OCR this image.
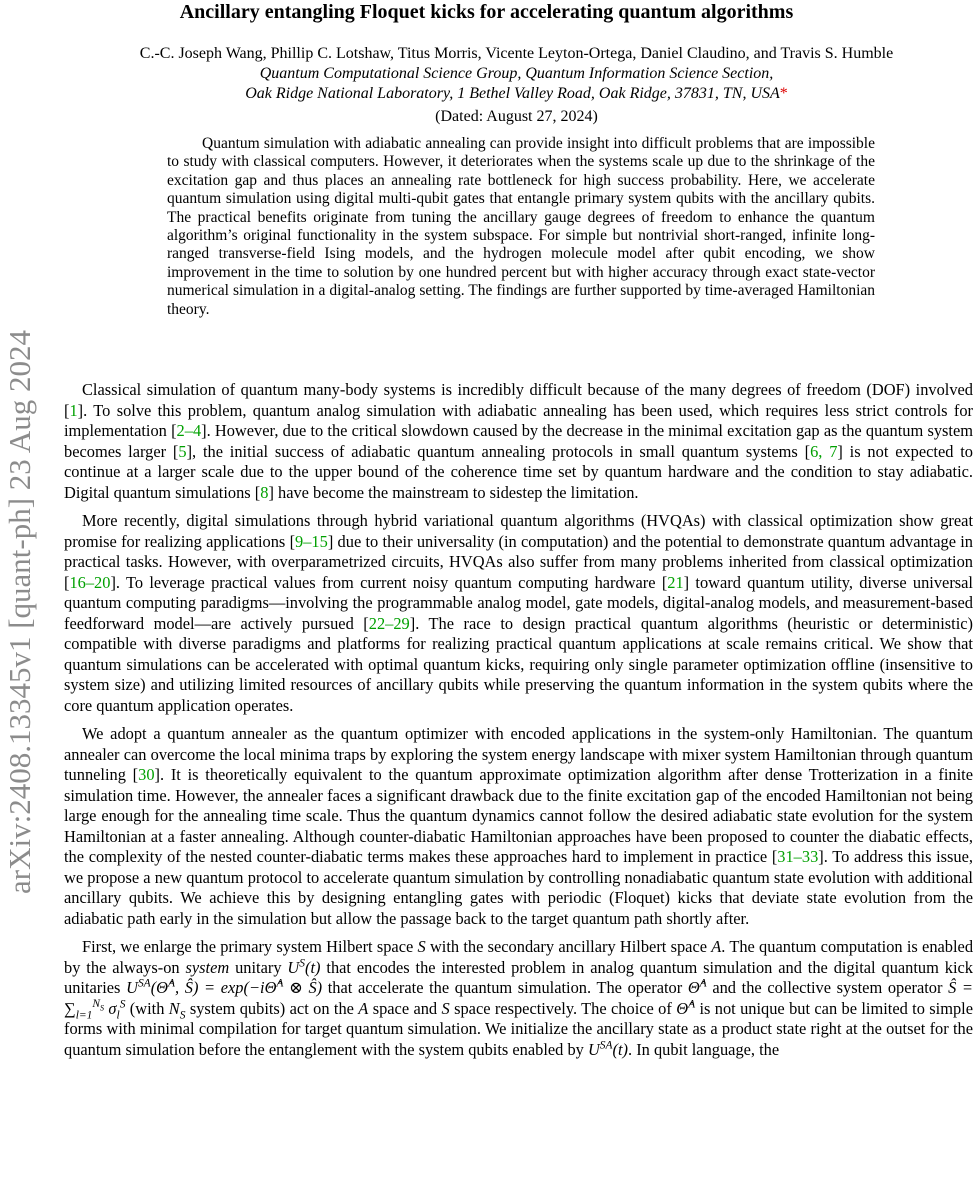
arXiv:2408.13345v1 [quant-ph] 23 Aug 2024
Ancillary entangling Floquet kicks for accelerating quantum algorithms
C.-C. Joseph Wang, Phillip C. Lotshaw, Titus Morris, Vicente Leyton-Ortega, Daniel Claudino, and Travis S. Humble
Quantum Computational Science Group, Quantum Information Science Section,
Oak Ridge National Laboratory, 1 Bethel Valley Road, Oak Ridge, 37831, TN, USA*
(Dated: August 27, 2024)
Quantum simulation with adiabatic annealing can provide insight into difficult problems that are impossible to study with classical computers. However, it deteriorates when the systems scale up due to the shrinkage of the excitation gap and thus places an annealing rate bottleneck for high success probability. Here, we accelerate quantum simulation using digital multi-qubit gates that entangle primary system qubits with the ancillary qubits. The practical benefits originate from tuning the ancillary gauge degrees of freedom to enhance the quantum algorithm’s original functionality in the system subspace. For simple but nontrivial short-ranged, infinite long-ranged transverse-field Ising models, and the hydrogen molecule model after qubit encoding, we show improvement in the time to solution by one hundred percent but with higher accuracy through exact state-vector numerical simulation in a digital-analog setting. The findings are further supported by time-averaged Hamiltonian theory.

Classical simulation of quantum many-body systems is incredibly difficult because of the many degrees of freedom (DOF) involved [1]. To solve this problem, quantum analog simulation with adiabatic annealing has been used, which requires less strict controls for implementation [2–4]. However, due to the critical slowdown caused by the decrease in the minimal excitation gap as the quantum system becomes larger [5], the initial success of adiabatic quantum annealing protocols in small quantum systems [6, 7] is not expected to continue at a larger scale due to the upper bound of the coherence time set by quantum hardware and the condition to stay adiabatic. Digital quantum simulations [8] have become the mainstream to sidestep the limitation.

More recently, digital simulations through hybrid variational quantum algorithms (HVQAs) with classical optimization show great promise for realizing applications [9–15] due to their universality (in computation) and the potential to demonstrate quantum advantage in practical tasks. However, with overparametrized circuits, HVQAs also suffer from many problems inherited from classical optimization [16–20]. To leverage practical values from current noisy quantum computing hardware [21] toward quantum utility, diverse universal quantum computing paradigms—involving the programmable analog model, gate models, digital-analog models, and measurement-based feedforward model—are actively pursued [22–29]. The race to design practical quantum algorithms (heuristic or deterministic) compatible with diverse paradigms and platforms for realizing practical quantum applications at scale remains critical. We show that quantum simulations can be accelerated with optimal quantum kicks, requiring only single parameter optimization offline (insensitive to system size) and utilizing limited resources of ancillary qubits while preserving the quantum information in the system qubits where the core quantum application operates.

We adopt a quantum annealer as the quantum optimizer with encoded applications in the system-only Hamiltonian. The quantum annealer can overcome the local minima traps by exploring the system energy landscape with mixer system Hamiltonian through quantum tunneling [30]. It is theoretically equivalent to the quantum approximate optimization algorithm after dense Trotterization in a finite simulation time. However, the annealer faces a significant drawback due to the finite excitation gap of the encoded Hamiltonian not being large enough for the annealing time scale. Thus the quantum dynamics cannot follow the desired adiabatic state evolution for the system Hamiltonian at a faster annealing. Although counter-diabatic Hamiltonian approaches have been proposed to counter the diabatic effects, the complexity of the nested counter-diabatic terms makes these approaches hard to implement in practice [31–33]. To address this issue, we propose a new quantum protocol to accelerate quantum simulation by controlling nonadiabatic quantum state evolution with additional ancillary qubits. We achieve this by designing entangling gates with periodic (Floquet) kicks that deviate state evolution from the adiabatic path early in the simulation but allow the passage back to the target quantum path shortly after.

First, we enlarge the primary system Hilbert space S with the secondary ancillary Hilbert space A. The quantum computation is enabled by the always-on system unitary $U^S(t)$ that encodes the interested problem in analog quantum simulation and the digital quantum kick unitaries $U^{SA}(\Thetâ^A$, Ŝ) = exp(−iΘ̂$^A$ ⊗ Ŝ) that accelerate the quantum simulation. The operator Θ̂$^A$ and the collective system operator Ŝ = $\sum_{l=1}^{N_S}$ $\sigma_l^S$ (with $N_S$ system qubits) act on the A space and S space respectively. The choice of Θ̂$^A$ is not unique but can be limited to simple forms with minimal compilation for target quantum simulation. We initialize the ancillary state as a product state right at the outset for the quantum simulation before the entanglement with the system qubits enabled by $U^{SA}(t)$. In qubit language, the
